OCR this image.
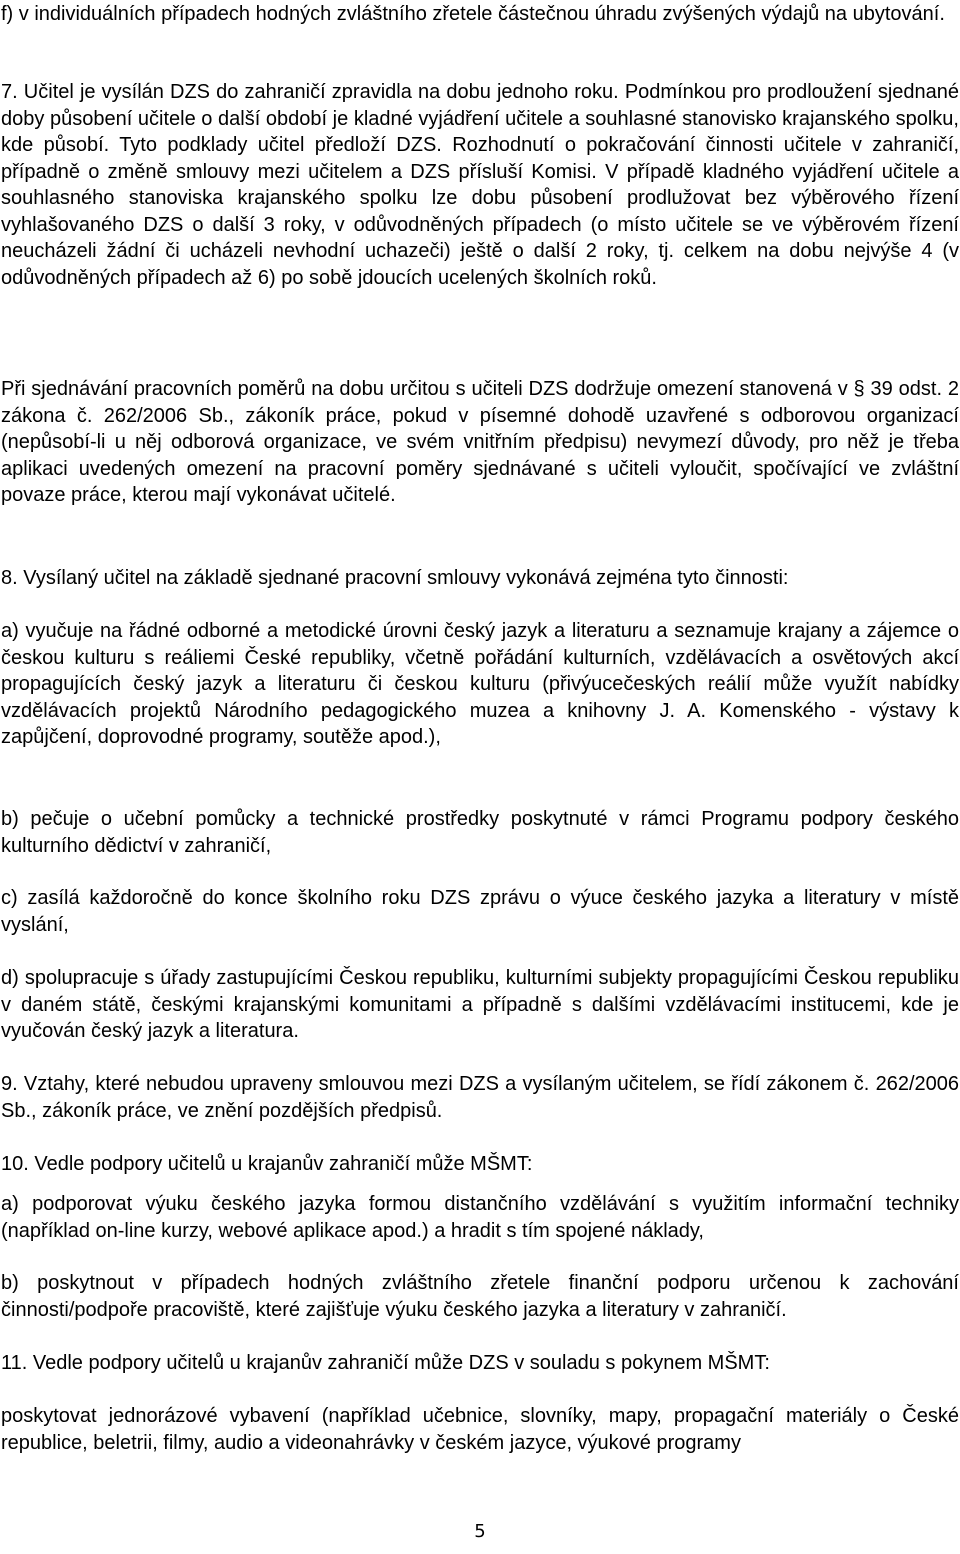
f) v individuálních případech hodných zvláštního zřetele částečnou úhradu zvýšených výdajů na ubytování.

7. Učitel je vysílán DZS do zahraničí zpravidla na dobu jednoho roku. Podmínkou pro prodloužení sjednané doby působení učitele o další období je kladné vyjádření učitele a souhlasné stanovisko krajanského spolku, kde působí. Tyto podklady učitel předloží DZS. Rozhodnutí o pokračování činnosti učitele v zahraničí, případně o změně smlouvy mezi učitelem a DZS přísluší Komisi. V případě kladného vyjádření učitele a souhlasného stanoviska krajanského spolku lze dobu působení prodlužovat bez výběrového řízení vyhlašovaného DZS o další 3 roky, v odůvodněných případech (o místo učitele se ve výběrovém řízení neucházeli žádní či ucházeli nevhodní uchazeči) ještě o další 2 roky, tj. celkem na dobu nejvýše 4 (v odůvodněných případech až 6) po sobě jdoucích ucelených školních roků.

Při sjednávání pracovních poměrů na dobu určitou s učiteli DZS dodržuje omezení stanovená v § 39 odst. 2 zákona č. 262/2006 Sb., zákoník práce, pokud v písemné dohodě uzavřené s odborovou organizací (nepůsobí-li u něj odborová organizace, ve svém vnitřním předpisu) nevymezí důvody, pro něž je třeba aplikaci uvedených omezení na pracovní poměry sjednávané s učiteli vyloučit, spočívající ve zvláštní povaze práce, kterou mají vykonávat učitelé.

8. Vysílaný učitel na základě sjednané pracovní smlouvy vykonává zejména tyto činnosti:

a) vyučuje na řádné odborné a metodické úrovni český jazyk a literaturu a seznamuje krajany a zájemce o českou kulturu s reáliemi České republiky, včetně pořádání kulturních, vzdělávacích a osvětových akcí propagujících český jazyk a literaturu či českou kulturu (přivýucečeských reálií může využít nabídky vzdělávacích projektů Národního pedagogického muzea a knihovny J. A. Komenského - výstavy k zapůjčení, doprovodné programy, soutěže apod.),

b) pečuje o učební pomůcky a technické prostředky poskytnuté v rámci Programu podpory českého kulturního dědictví v zahraničí,

c) zasílá každoročně do konce školního roku DZS zprávu o výuce českého jazyka a literatury v místě vyslání,

d) spolupracuje s úřady zastupujícími Českou republiku, kulturními subjekty propagujícími Českou republiku v daném státě, českými krajanskými komunitami a případně s dalšími vzdělávacími institucemi, kde je vyučován český jazyk a literatura.

9. Vztahy, které nebudou upraveny smlouvou mezi DZS a vysílaným učitelem, se řídí zákonem č. 262/2006 Sb., zákoník práce, ve znění pozdějších předpisů.

10. Vedle podpory učitelů u krajanův zahraničí může MŠMT:

a) podporovat výuku českého jazyka formou distančního vzdělávání s využitím informační techniky (například on-line kurzy, webové aplikace apod.) a hradit s tím spojené náklady,

b) poskytnout v případech hodných zvláštního zřetele finanční podporu určenou k zachování činnosti/podpoře pracoviště, které zajišťuje výuku českého jazyka a literatury v zahraničí.

11. Vedle podpory učitelů u krajanův zahraničí může DZS v souladu s pokynem MŠMT:

poskytovat jednorázové vybavení (například učebnice, slovníky, mapy, propagační materiály o České republice, beletrii, filmy, audio a videonahrávky v českém jazyce, výukové programy

5
